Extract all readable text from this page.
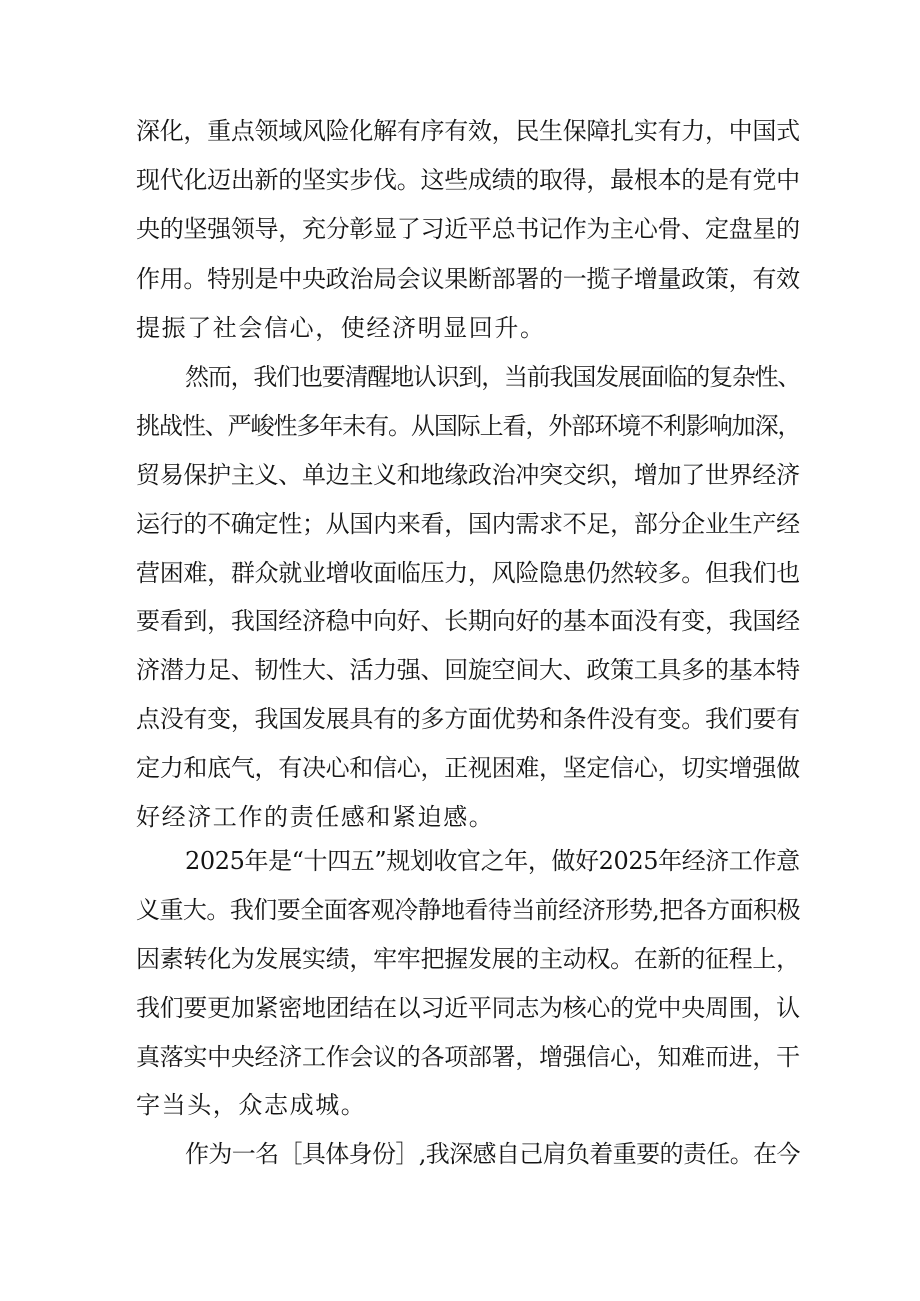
深化，重点领域风险化解有序有效，民生保障扎实有力，中国式

现代化迈出新的坚实步伐。这些成绩的取得，最根本的是有党中

央的坚强领导，充分彰显了习近平总书记作为主心骨、定盘星的

作用。特别是中央政治局会议果断部署的一揽子增量政策，有效

提振了社会信心，使经济明显回升。

然而，我们也要清醒地认识到，当前我国发展面临的复杂性、

挑战性、严峻性多年未有。从国际上看，外部环境不利影响加深，

贸易保护主义、单边主义和地缘政治冲突交织，增加了世界经济

运行的不确定性；从国内来看，国内需求不足，部分企业生产经

营困难，群众就业增收面临压力，风险隐患仍然较多。但我们也

要看到，我国经济稳中向好、长期向好的基本面没有变，我国经

济潜力足、韧性大、活力强、回旋空间大、政策工具多的基本特

点没有变，我国发展具有的多方面优势和条件没有变。我们要有

定力和底气，有决心和信心，正视困难，坚定信心，切实增强做

好经济工作的责任感和紧迫感。

2025年是“十四五”规划收官之年，做好2025年经济工作意

义重大。我们要全面客观冷静地看待当前经济形势,把各方面积极

因素转化为发展实绩，牢牢把握发展的主动权。在新的征程上，

我们要更加紧密地团结在以习近平同志为核心的党中央周围，认

真落实中央经济工作会议的各项部署，增强信心，知难而进，干

字当头，众志成城。

作为一名［具体身份］,我深感自己肩负着重要的责任。在今
